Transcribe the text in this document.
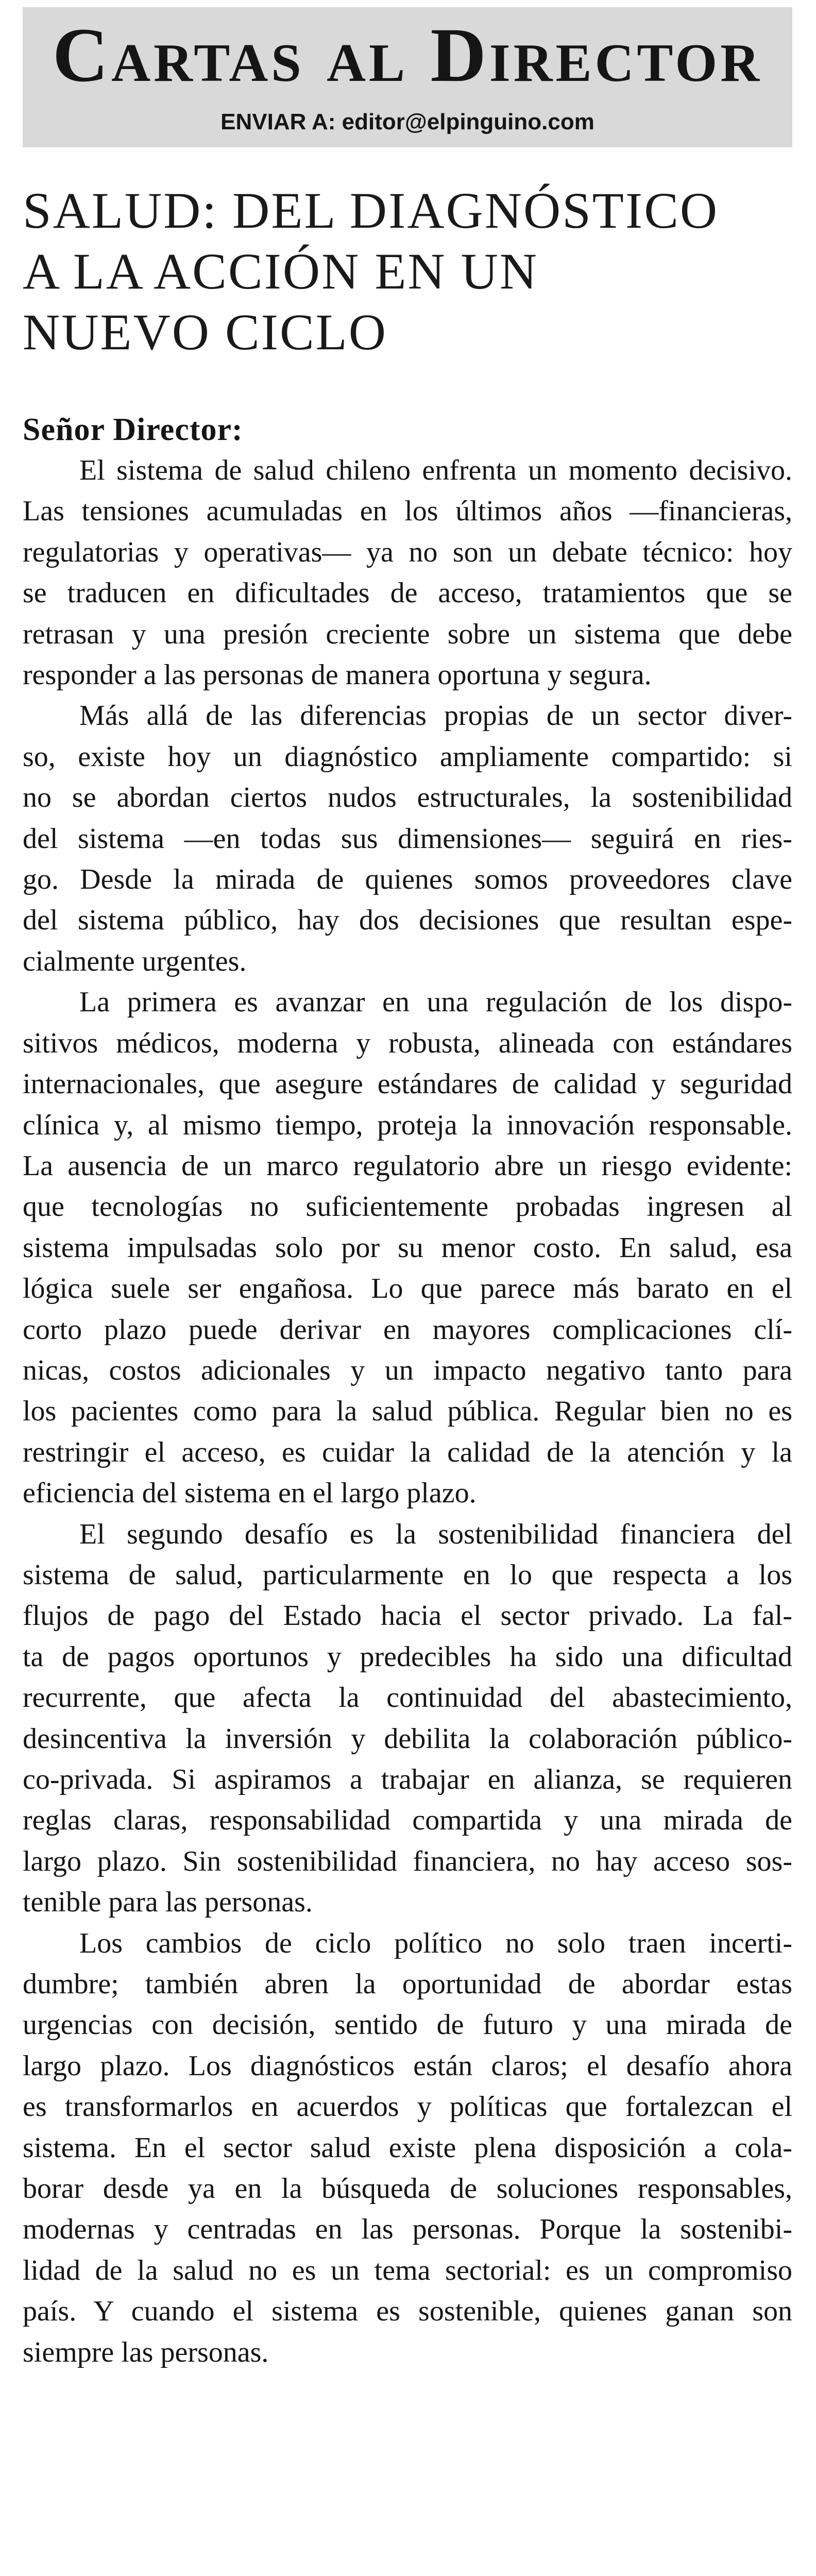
Cartas al Director
ENVIAR A: editor@elpinguino.com
SALUD: DEL DIAGNÓSTICO
A LA ACCIÓN EN UN
NUEVO CICLO
Señor Director:

El sistema de salud chileno enfrenta un momento decisivo.
Las tensiones acumuladas en los últimos años —financieras,
regulatorias y operativas— ya no son un debate técnico: hoy
se traducen en dificultades de acceso, tratamientos que se
retrasan y una presión creciente sobre un sistema que debe
responder a las personas de manera oportuna y segura.

Más allá de las diferencias propias de un sector diver-
so, existe hoy un diagnóstico ampliamente compartido: si
no se abordan ciertos nudos estructurales, la sostenibilidad
del sistema —en todas sus dimensiones— seguirá en ries-
go. Desde la mirada de quienes somos proveedores clave
del sistema público, hay dos decisiones que resultan espe-
cialmente urgentes.

La primera es avanzar en una regulación de los dispo-
sitivos médicos, moderna y robusta, alineada con estándares
internacionales, que asegure estándares de calidad y seguridad
clínica y, al mismo tiempo, proteja la innovación responsable.
La ausencia de un marco regulatorio abre un riesgo evidente:
que tecnologías no suficientemente probadas ingresen al
sistema impulsadas solo por su menor costo. En salud, esa
lógica suele ser engañosa. Lo que parece más barato en el
corto plazo puede derivar en mayores complicaciones clí-
nicas, costos adicionales y un impacto negativo tanto para
los pacientes como para la salud pública. Regular bien no es
restringir el acceso, es cuidar la calidad de la atención y la
eficiencia del sistema en el largo plazo.

El segundo desafío es la sostenibilidad financiera del
sistema de salud, particularmente en lo que respecta a los
flujos de pago del Estado hacia el sector privado. La fal-
ta de pagos oportunos y predecibles ha sido una dificultad
recurrente, que afecta la continuidad del abastecimiento,
desincentiva la inversión y debilita la colaboración público-
co-privada. Si aspiramos a trabajar en alianza, se requieren
reglas claras, responsabilidad compartida y una mirada de
largo plazo. Sin sostenibilidad financiera, no hay acceso sos-
tenible para las personas.

Los cambios de ciclo político no solo traen incerti-
dumbre; también abren la oportunidad de abordar estas
urgencias con decisión, sentido de futuro y una mirada de
largo plazo. Los diagnósticos están claros; el desafío ahora
es transformarlos en acuerdos y políticas que fortalezcan el
sistema. En el sector salud existe plena disposición a cola-
borar desde ya en la búsqueda de soluciones responsables,
modernas y centradas en las personas. Porque la sostenibi-
lidad de la salud no es un tema sectorial: es un compromiso
país. Y cuando el sistema es sostenible, quienes ganan son
siempre las personas.
